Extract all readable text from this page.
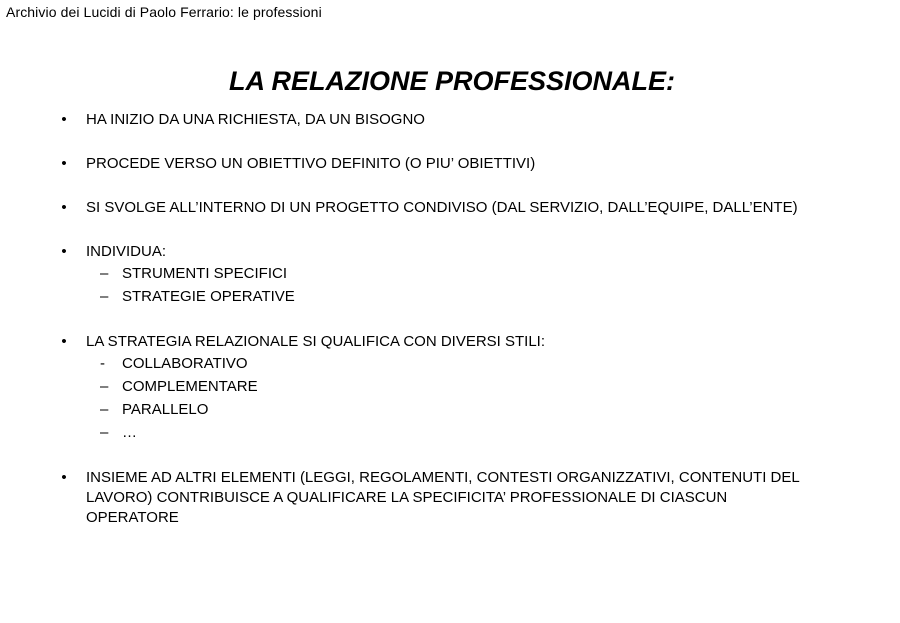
Archivio dei Lucidi di Paolo Ferrario: le professioni
LA RELAZIONE PROFESSIONALE:
• HA INIZIO DA UNA RICHIESTA, DA UN BISOGNO
• PROCEDE VERSO UN OBIETTIVO DEFINITO (O PIU’ OBIETTIVI)
• SI SVOLGE ALL’INTERNO DI UN PROGETTO CONDIVISO (DAL SERVIZIO, DALL’EQUIPE, DALL’ENTE)
• INDIVIDUA:
– STRUMENTI SPECIFICI
– STRATEGIE OPERATIVE
• LA STRATEGIA RELAZIONALE SI QUALIFICA CON DIVERSI STILI:
- COLLABORATIVO
– COMPLEMENTARE
– PARALLELO
– …
• INSIEME AD ALTRI ELEMENTI (LEGGI, REGOLAMENTI, CONTESTI ORGANIZZATIVI, CONTENUTI DEL LAVORO) CONTRIBUISCE A QUALIFICARE LA SPECIFICITA’ PROFESSIONALE DI CIASCUN OPERATORE
